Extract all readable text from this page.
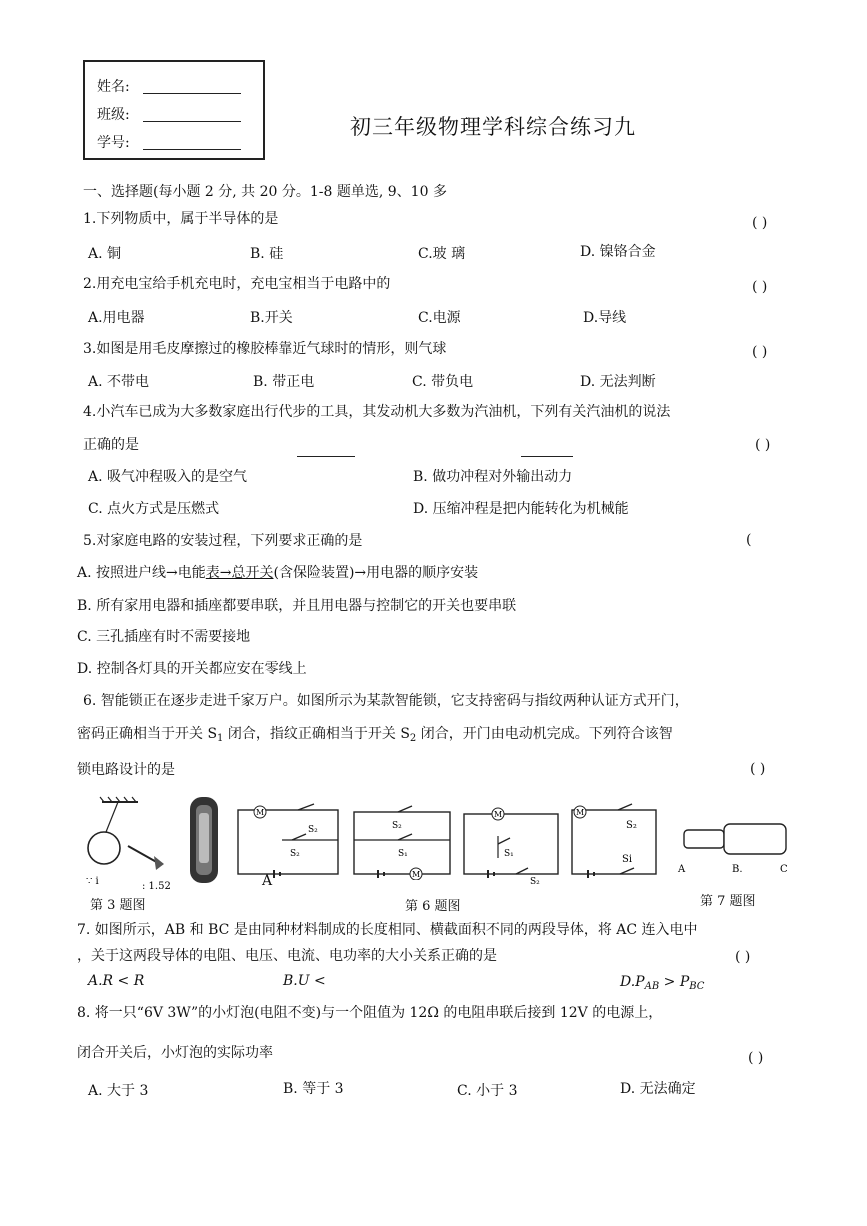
姓名:
班级:
学号:
初三年级物理学科综合练习九
一、选择题(每小题 2 分, 共 20 分。1-8 题单选, 9、10 多
1.下列物质中，属于半导体的是	( )
A. 铜	B. 硅	C.玻 璃	D. 镍铬合金
2.用充电宝给手机充电时，充电宝相当于电路中的	( )
A.用电器	B.开关	C.电源	D.导线
3.如图是用毛皮摩擦过的橡胶棒靠近气球时的情形，则气球	( )
A. 不带电	B. 带正电	C. 带负电	D. 无法判断
4.小汽车已成为大多数家庭出行代步的工具，其发动机大多数为汽油机，下列有关汽油机的说法
正确的是	( )
A. 吸气冲程吸入的是空气	B. 做功冲程对外输出动力
C. 点火方式是压燃式	D. 压缩冲程是把内能转化为机械能
5.对家庭电路的安装过程，下列要求正确的是	(
A. 按照进户线→电能表→总开关(含保险装置)→用电器的顺序安装
B. 所有家用电器和插座都要串联，并且用电器与控制它的开关也要串联
C. 三孔插座有时不需要接地
D. 控制各灯具的开关都应安在零线上
6. 智能锁正在逐步走进千家万户。如图所示为某款智能锁，它支持密码与指纹两种认证方式开门，
密码正确相当于开关 $S_1$ 闭合，指纹正确相当于开关 $S_2$ 闭合，开门由电动机完成。下列符合该智
锁电路设计的是	( )
∵ i	: 1.52
M
S₂
S₂
S₂
S₁
M
M
S₁
S₂
M
S₂
Si
A	B.	C
A
第 3 题图	第 6 题图	第 7 题图
7. 如图所示，AB 和 BC 是由同种材料制成的长度相同、横截面积不同的两段导体，将 AC 连入电中
，关于这两段导体的电阻、电压、电流、电功率的大小关系正确的是	( )
A.R < R	B.U <	$D.P_{AB} > P_{BC}$
8. 将一只“6V 3W”的小灯泡(电阻不变)与一个阻值为 12Ω 的电阻串联后接到 12V 的电源上，
闭合开关后，小灯泡的实际功率	( )
A. 大于 3	B. 等于 3	C. 小于 3	D. 无法确定
